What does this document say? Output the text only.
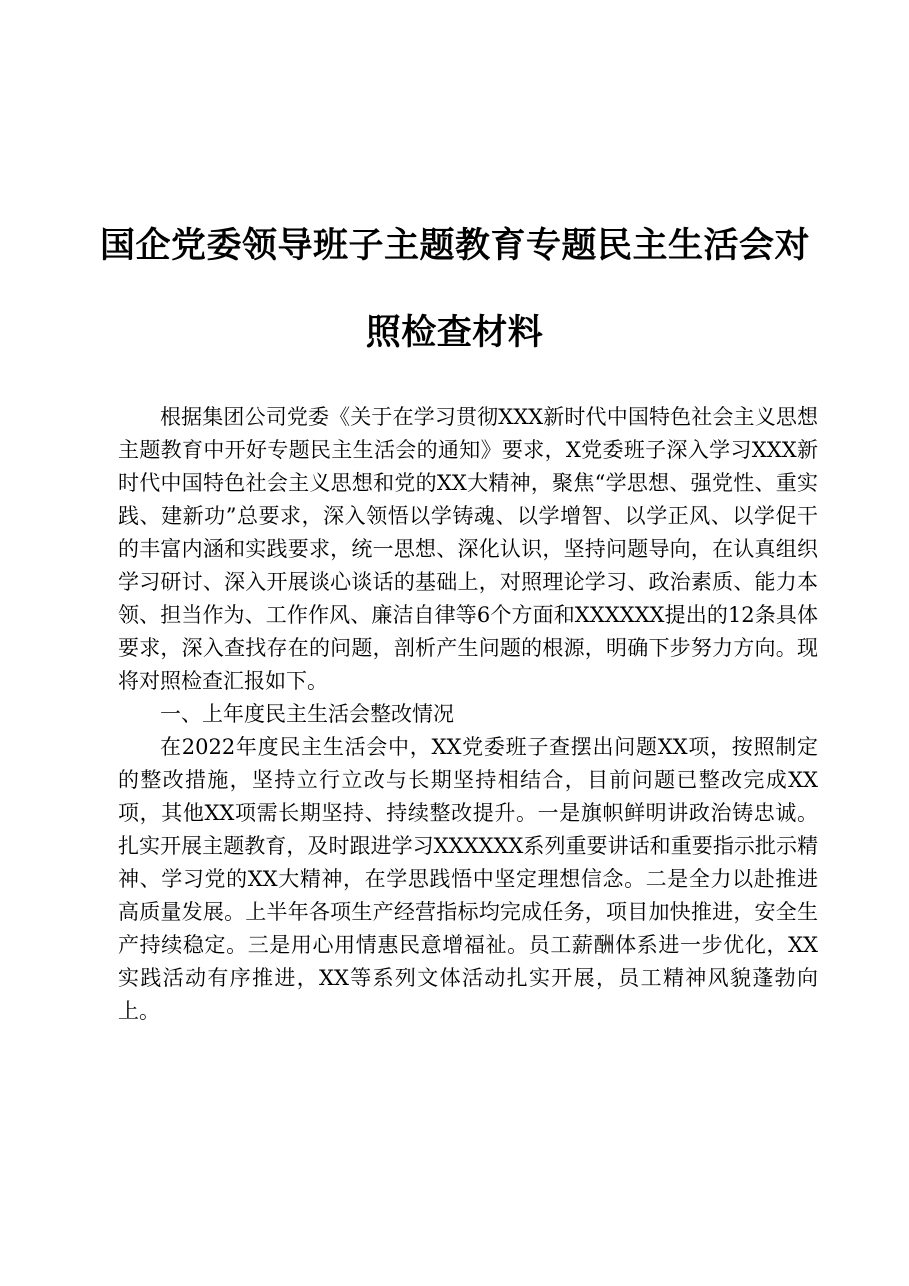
国企党委领导班子主题教育专题民主生活会对
照检查材料

根据集团公司党委《关于在学习贯彻XXX新时代中国特色社会主义思想主题教育中开好专题民主生活会的通知》要求，X党委班子深入学习XXX新时代中国特色社会主义思想和党的XX大精神，聚焦“学思想、强党性、重实践、建新功”总要求，深入领悟以学铸魂、以学增智、以学正风、以学促干的丰富内涵和实践要求，统一思想、深化认识，坚持问题导向，在认真组织学习研讨、深入开展谈心谈话的基础上，对照理论学习、政治素质、能力本领、担当作为、工作作风、廉洁自律等6个方面和XXXXXX提出的12条具体要求，深入查找存在的问题，剖析产生问题的根源，明确下步努力方向。现将对照检查汇报如下。

一、上年度民主生活会整改情况

在2022年度民主生活会中，XX党委班子查摆出问题XX项，按照制定的整改措施，坚持立行立改与长期坚持相结合，目前问题已整改完成XX项，其他XX项需长期坚持、持续整改提升。一是旗帜鲜明讲政治铸忠诚。扎实开展主题教育，及时跟进学习XXXXXX系列重要讲话和重要指示批示精神、学习党的XX大精神，在学思践悟中坚定理想信念。二是全力以赴推进高质量发展。上半年各项生产经营指标均完成任务，项目加快推进，安全生产持续稳定。三是用心用情惠民意增福祉。员工薪酬体系进一步优化，XX实践活动有序推进，XX等系列文体活动扎实开展，员工精神风貌蓬勃向上。
